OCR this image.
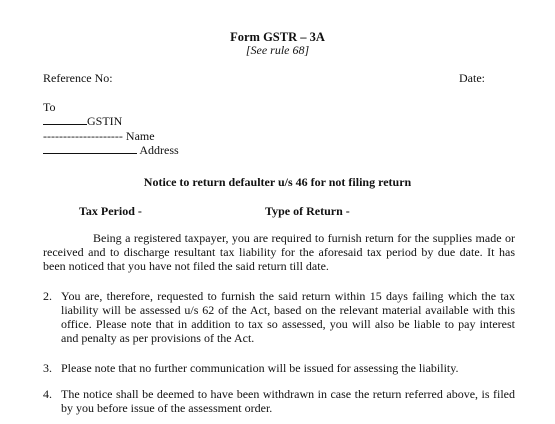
Form GSTR – 3A
[See rule 68]
Reference No:	Date:
To
GSTIN
-------------------- Name
Address
Notice to return defaulter u/s 46 for not filing return
Tax Period -	Type of Return -
Being a registered taxpayer, you are required to furnish return for the supplies made or received and to discharge resultant tax liability for the aforesaid tax period by due date. It has been noticed that you have not filed the said return till date.
2. You are, therefore, requested to furnish the said return within 15 days failing which the tax liability will be assessed u/s 62 of the Act, based on the relevant material available with this office. Please note that in addition to tax so assessed, you will also be liable to pay interest and penalty as per provisions of the Act.
3. Please note that no further communication will be issued for assessing the liability.
4. The notice shall be deemed to have been withdrawn in case the return referred above, is filed by you before issue of the assessment order.
